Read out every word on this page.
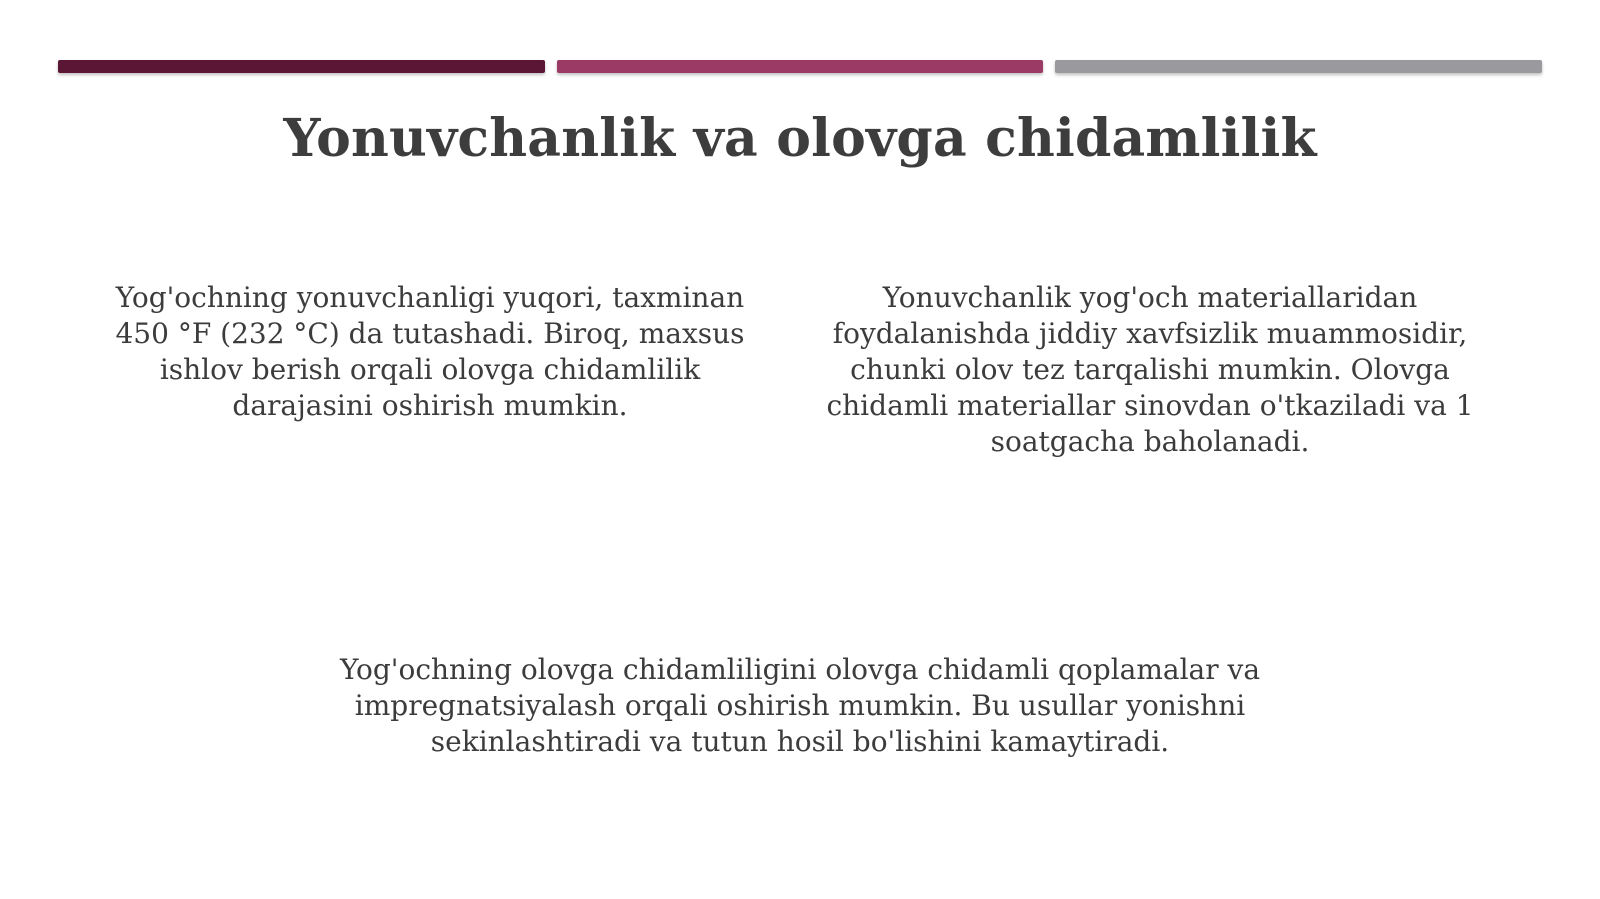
Yonuvchanlik va olovga chidamlilik

Yog'ochning yonuvchanligi yuqori, taxminan 450 °F (232 °C) da tutashadi. Biroq, maxsus ishlov berish orqali olovga chidamlilik darajasini oshirish mumkin.

Yonuvchanlik yog'och materiallaridan foydalanishda jiddiy xavfsizlik muammosidir, chunki olov tez tarqalishi mumkin. Olovga chidamli materiallar sinovdan o'tkaziladi va 1 soatgacha baholanadi.

Yog'ochning olovga chidamliligini olovga chidamli qoplamalar va impregnatsiyalash orqali oshirish mumkin. Bu usullar yonishni sekinlashtiradi va tutun hosil bo'lishini kamaytiradi.
